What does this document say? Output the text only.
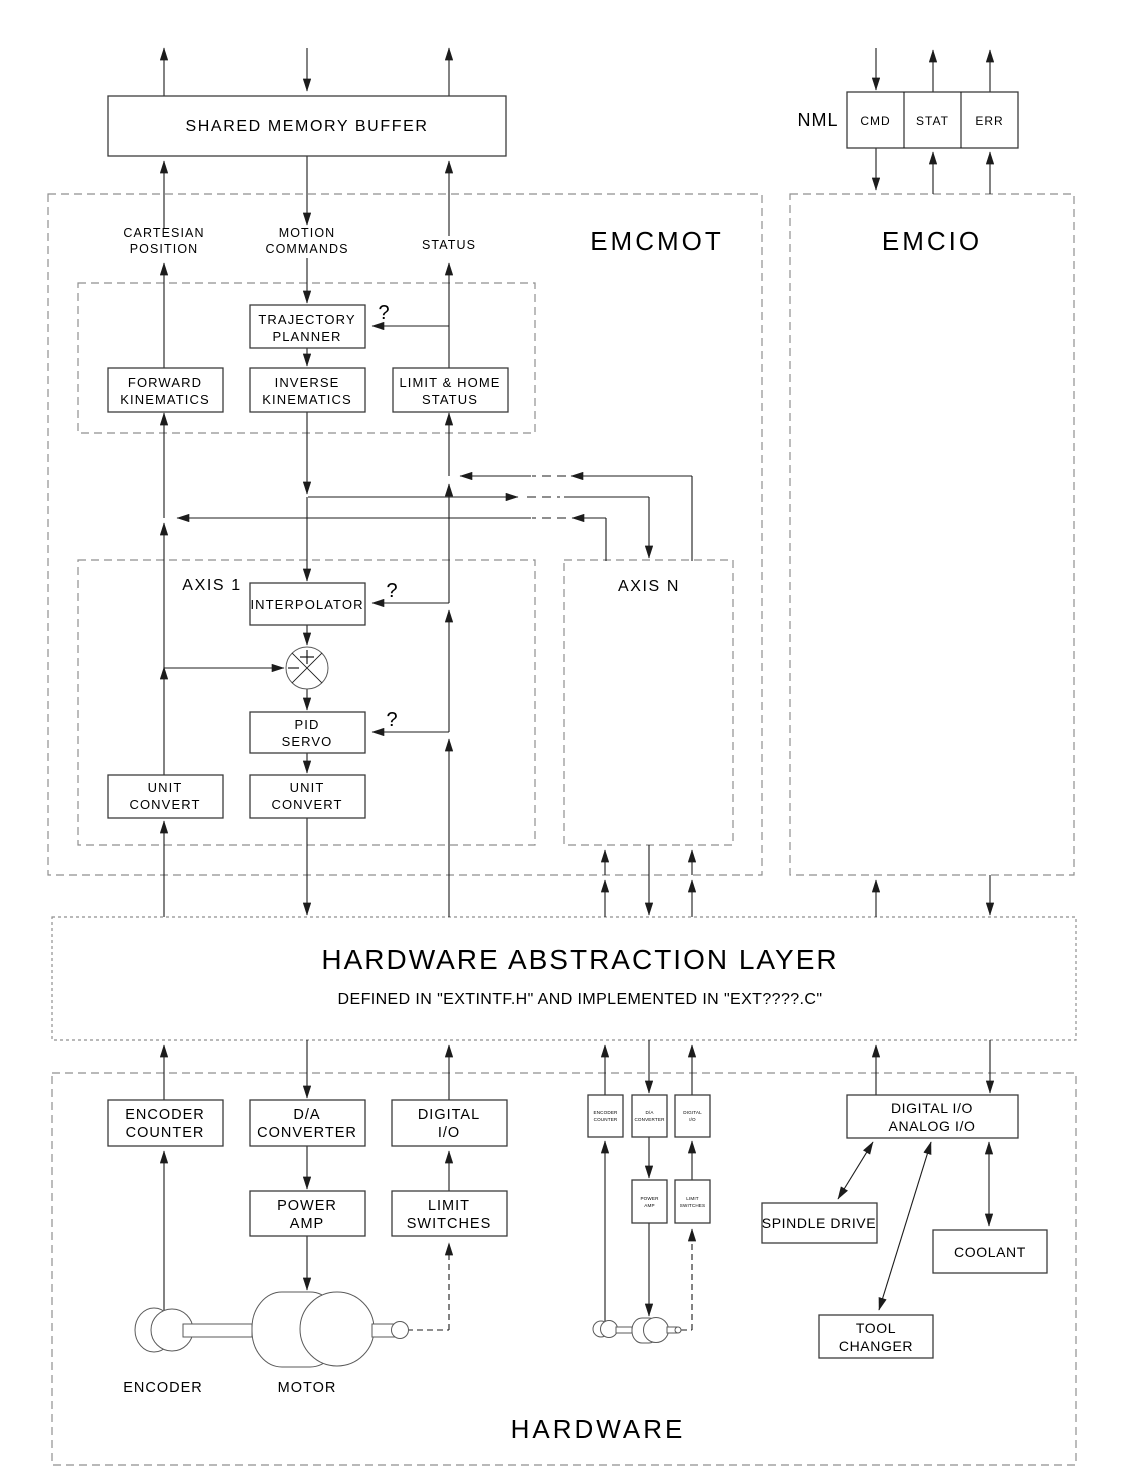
SHARED MEMORY BUFFER	NML CMD STAT ERR
CARTESIAN
POSITION
MOTION
COMMANDS	STATUS	EMCMOT	EMCIO
TRAJECTORY
PLANNER
FORWARD
KINEMATICS
INVERSE
KINEMATICS
LIMIT & HOME
STATUS
?
?
?
AXIS 1	AXIS N
INTERPOLATOR
PID
SERVO
UNIT
CONVERT
UNIT
CONVERT
HARDWARE ABSTRACTION LAYER
DEFINED IN "EXTINTF.H" AND IMPLEMENTED IN "EXT????.C"
ENCODER
COUNTER
D/A
CONVERTER
DIGITAL
I/O
POWER
AMP
LIMIT
SWITCHES
ENCODER
COUNTER
D/A
CONVERTER
DIGITAL
I/O
POWER
AMP
LIMIT
SWITCHES
DIGITAL I/O
ANALOG I/O
SPINDLE DRIVE
COOLANT
TOOL
CHANGER
ENCODER	MOTOR
HARDWARE
